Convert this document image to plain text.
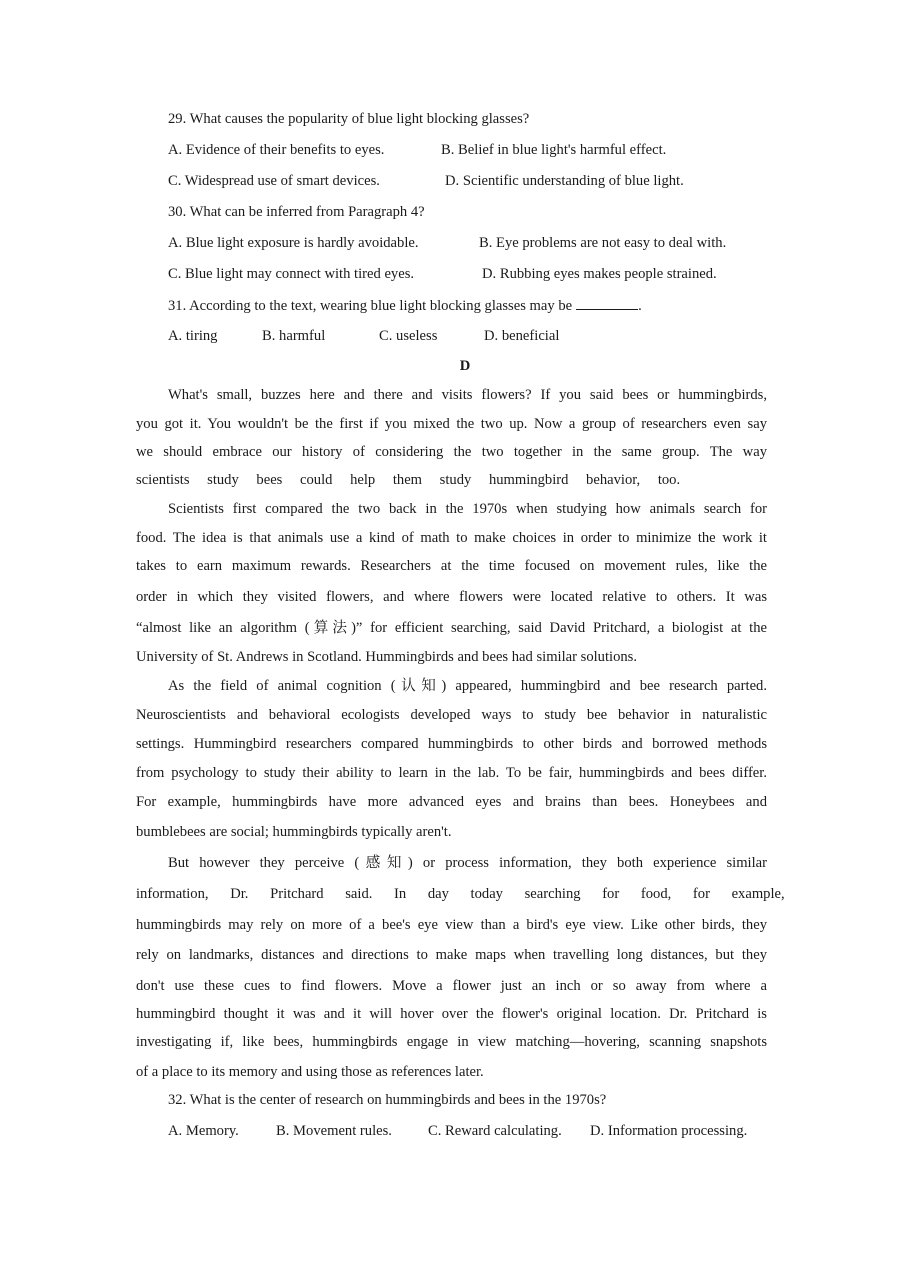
29. What causes the popularity of blue light blocking glasses?
A. Evidence of their benefits to eyes.	B. Belief in blue light's harmful effect.
C. Widespread use of smart devices.	D. Scientific understanding of blue light.
30. What can be inferred from Paragraph 4?
A. Blue light exposure is hardly avoidable.	B. Eye problems are not easy to deal with.
C. Blue light may connect with tired eyes.	D. Rubbing eyes makes people strained.
31. According to the text, wearing blue light blocking glasses may be	.
A. tiring	B. harmful	C. useless	D. beneficial
D
What's small, buzzes here and there and visits flowers? If you said bees or hummingbirds,
you got it. You wouldn't be the first if you mixed the two up. Now a group of researchers even say
we should embrace our history of considering the two together in the same group. The way
scientists study bees could help them study hummingbird behavior, too.
Scientists first compared the two back in the 1970s when studying how animals search for
food. The idea is that animals use a kind of math to make choices in order to minimize the work it
takes to earn maximum rewards. Researchers at the time focused on movement rules, like the
order in which they visited flowers, and where flowers were located relative to others. It was
“almost like an algorithm (算法)” for efficient searching, said David Pritchard, a biologist at the
University of St. Andrews in Scotland. Hummingbirds and bees had similar solutions.
As the field of animal cognition (认知) appeared, hummingbird and bee research parted.
Neuroscientists and behavioral ecologists developed ways to study bee behavior in naturalistic
settings. Hummingbird researchers compared hummingbirds to other birds and borrowed methods
from psychology to study their ability to learn in the lab. To be fair, hummingbirds and bees differ.
For example, hummingbirds have more advanced eyes and brains than bees. Honeybees and
bumblebees are social; hummingbirds typically aren't.
But however they perceive (感知) or process information, they both experience similar
information, Dr. Pritchard said. In day today searching for food, for example,
hummingbirds may rely on more of a bee's eye view than a bird's eye view. Like other birds, they
rely on landmarks, distances and directions to make maps when travelling long distances, but they
don't use these cues to find flowers. Move a flower just an inch or so away from where a
hummingbird thought it was and it will hover over the flower's original location. Dr. Pritchard is
investigating if, like bees, hummingbirds engage in view matching—hovering, scanning snapshots
of a place to its memory and using those as references later.
32. What is the center of research on hummingbirds and bees in the 1970s?
A. Memory.	B. Movement rules. C. Reward calculating. D. Information processing.
